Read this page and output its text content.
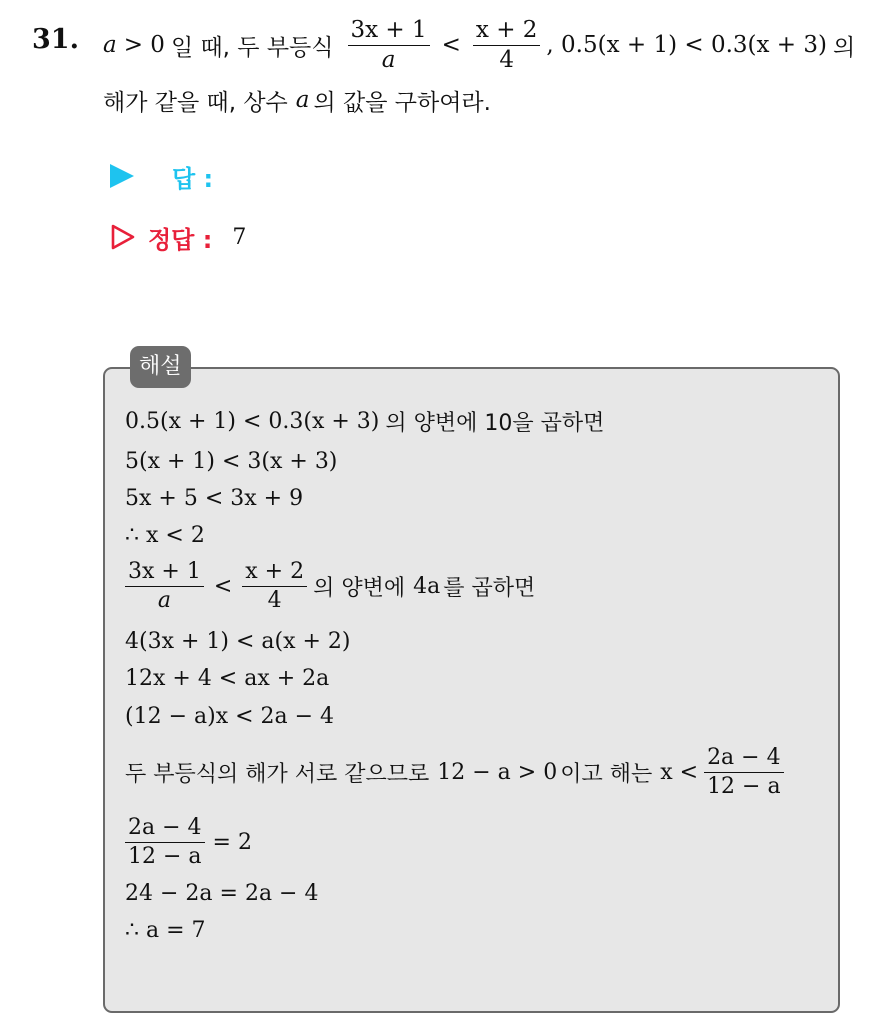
31. a > 0 일 때, 두 부등식 $\frac{3x + 1}{a} < \frac{x + 2}{4}$ , 0.5(x + 1) < 0.3(x + 3) 의
해가 같을 때, 상수 a 의 값을 구하여라.
답 :
정답 : 7
해설
0.5(x + 1) < 0.3(x + 3) 의 양변에 10을 곱하면
5(x + 1) < 3(x + 3)
5x + 5 < 3x + 9
∴ x < 2
$\frac{3x + 1}{a} < \frac{x + 2}{4}$ 의 양변에 4a 를 곱하면
4(3x + 1) < a(x + 2)
12x + 4 < ax + 2a
(12 − a)x < 2a − 4
두 부등식의 해가 서로 같으므로 12 − a > 0 이고 해는 $x < \frac{2a - 4}{12 - a}$
$\frac{2a - 4}{12 - a} = 2$
24 − 2a = 2a − 4
∴ a = 7
